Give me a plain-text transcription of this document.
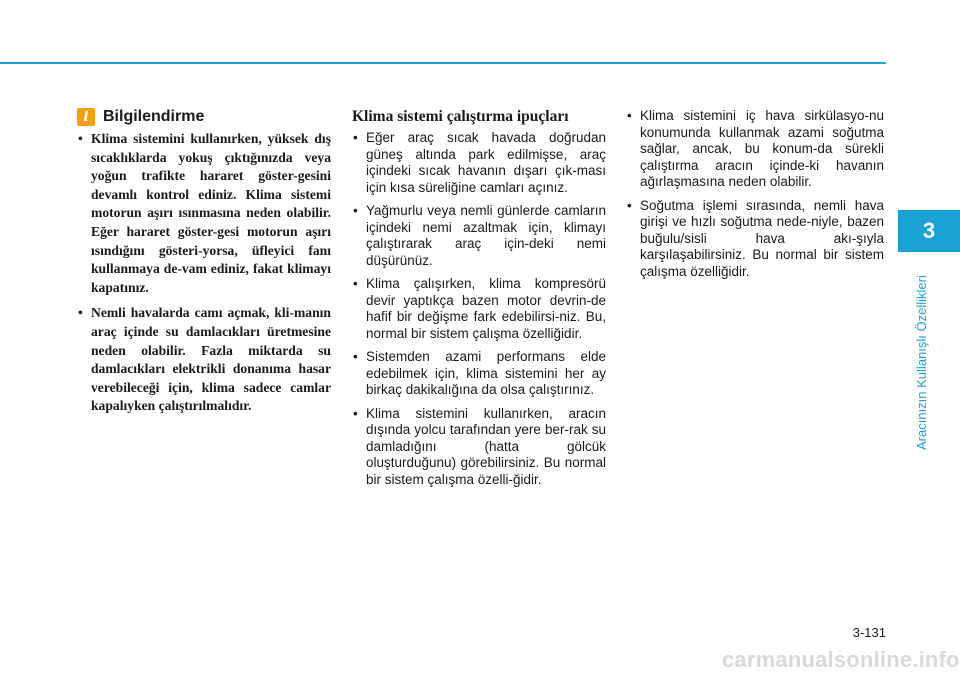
i Bilgilendirme
• Klima sistemini kullanırken, yüksek dış sıcaklıklarda yokuş çıktığınızda veya yoğun trafikte hararet göster-gesini devamlı kontrol ediniz. Klima sistemi motorun aşırı ısınmasına neden olabilir. Eğer hararet göster-gesi motorun aşırı ısındığını gösteri-yorsa, üfleyici fanı kullanmaya de-vam ediniz, fakat klimayı kapatınız.
• Nemli havalarda camı açmak, kli-manın araç içinde su damlacıkları üretmesine neden olabilir. Fazla miktarda su damlacıkları elektrikli donanıma hasar verebileceği için, klima sadece camlar kapalıyken çalıştırılmalıdır.
Klima sistemi çalıştırma ipuçları
• Eğer araç sıcak havada doğrudan güneş altında park edilmişse, araç içindeki sıcak havanın dışarı çık-ması için kısa süreliğine camları açınız.
• Yağmurlu veya nemli günlerde camların içindeki nemi azaltmak için, klimayı çalıştırarak araç için-deki nemi düşürünüz.
• Klima çalışırken, klima kompresörü devir yaptıkça bazen motor devrin-de hafif bir değişme fark edebilirsi-niz. Bu, normal bir sistem çalışma özelliğidir.
• Sistemden azami performans elde edebilmek için, klima sistemini her ay birkaç dakikalığına da olsa çalıştırınız.
• Klima sistemini kullanırken, aracın dışında yolcu tarafından yere ber-rak su damladığını (hatta gölcük oluşturduğunu) görebilirsiniz. Bu normal bir sistem çalışma özelli-ğidir.
• Klima sistemini iç hava sirkülasyo-nu konumunda kullanmak azami soğutma sağlar, ancak, bu konum-da sürekli çalıştırma aracın içinde-ki havanın ağırlaşmasına neden olabilir.
• Soğutma işlemi sırasında, nemli hava girişi ve hızlı soğutma nede-niyle, bazen buğulu/sisli hava akı-şıyla karşılaşabilirsiniz. Bu normal bir sistem çalışma özelliğidir.
3
Aracınızın Kullanışlı Özellikleri
3-131
carmanualsonline.info
